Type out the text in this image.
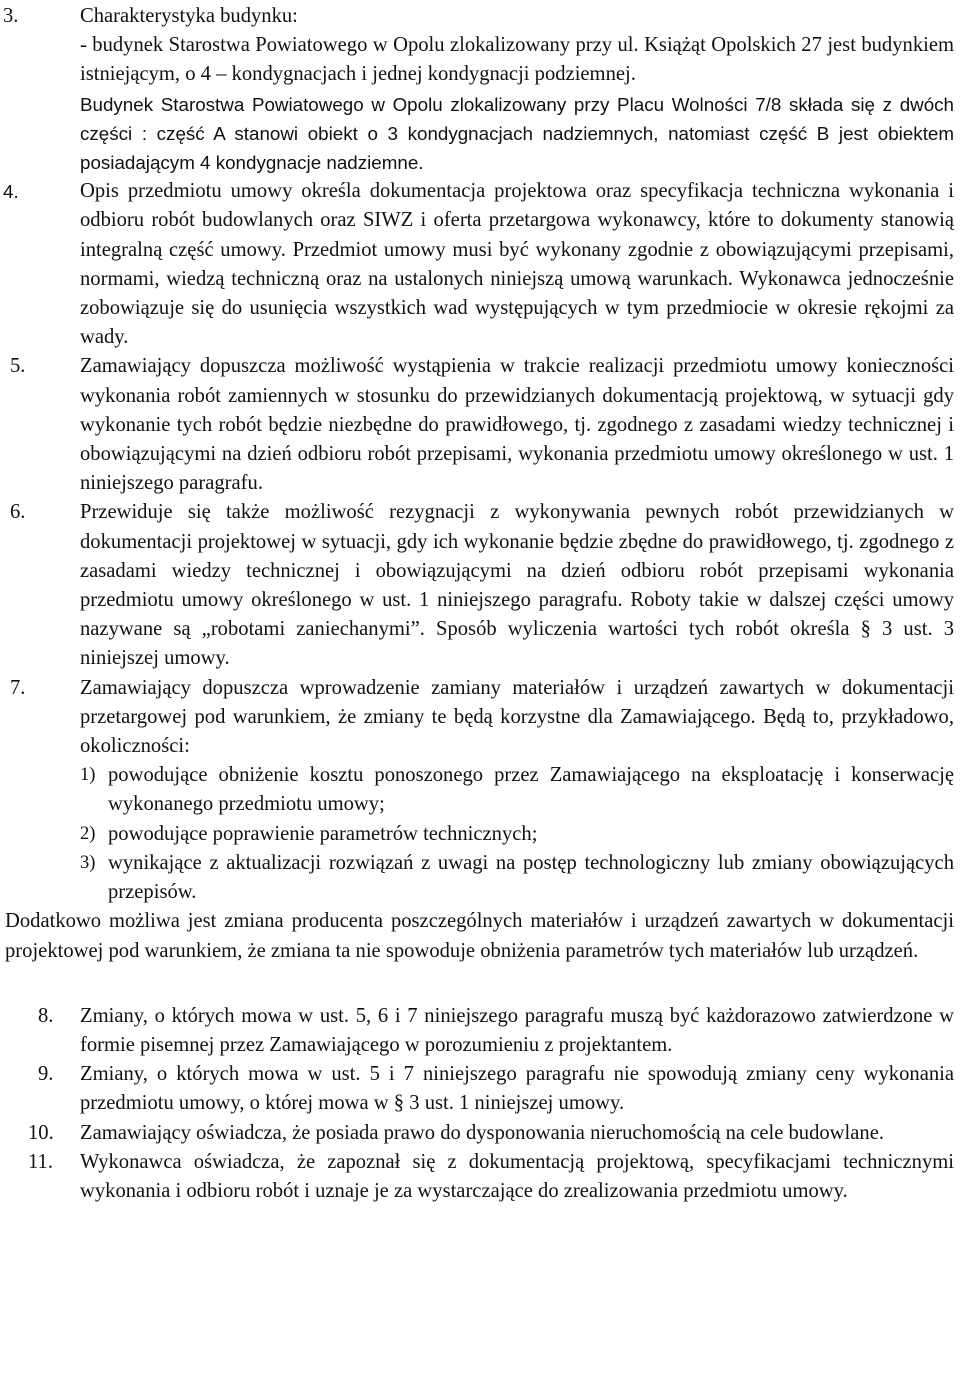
3.	Charakterystyka budynku:
- budynek Starostwa Powiatowego w Opolu zlokalizowany przy ul. Książąt Opolskich 27 jest budynkiem istniejącym, o 4 – kondygnacjach i jednej kondygnacji podziemnej.
Budynek Starostwa Powiatowego w Opolu zlokalizowany przy Placu Wolności 7/8 składa się z dwóch części : część A stanowi obiekt o 3 kondygnacjach nadziemnych, natomiast część B jest obiektem posiadającym 4 kondygnacje nadziemne.
4.	Opis przedmiotu umowy określa dokumentacja projektowa oraz specyfikacja techniczna wykonania i odbioru robót budowlanych oraz SIWZ i oferta przetargowa wykonawcy, które to dokumenty stanowią integralną część umowy. Przedmiot umowy musi być wykonany zgodnie z obowiązującymi przepisami, normami, wiedzą techniczną oraz na ustalonych niniejszą umową warunkach. Wykonawca jednocześnie zobowiązuje się do usunięcia wszystkich wad występujących w tym przedmiocie w okresie rękojmi za wady.
5.	Zamawiający dopuszcza możliwość wystąpienia w trakcie realizacji przedmiotu umowy konieczności wykonania robót zamiennych w stosunku do przewidzianych dokumentacją projektową, w sytuacji gdy wykonanie tych robót będzie niezbędne do prawidłowego, tj. zgodnego z zasadami wiedzy technicznej i obowiązującymi na dzień odbioru robót przepisami, wykonania przedmiotu umowy określonego w ust. 1 niniejszego paragrafu.
6.	Przewiduje się także możliwość rezygnacji z wykonywania pewnych robót przewidzianych w dokumentacji projektowej w sytuacji, gdy ich wykonanie będzie zbędne do prawidłowego, tj. zgodnego z zasadami wiedzy technicznej i obowiązującymi na dzień odbioru robót przepisami wykonania przedmiotu umowy określonego w ust. 1 niniejszego paragrafu. Roboty takie w dalszej części umowy nazywane są „robotami zaniechanymi”. Sposób wyliczenia wartości tych robót określa § 3 ust. 3 niniejszej umowy.
7.	Zamawiający dopuszcza wprowadzenie zamiany materiałów i urządzeń zawartych w dokumentacji przetargowej pod warunkiem, że zmiany te będą korzystne dla Zamawiającego. Będą to, przykładowo, okoliczności:
1) powodujące obniżenie kosztu ponoszonego przez Zamawiającego na eksploatację i konserwację wykonanego przedmiotu umowy;
2) powodujące poprawienie parametrów technicznych;
3) wynikające z aktualizacji rozwiązań z uwagi na postęp technologiczny lub zmiany obowiązujących przepisów.
Dodatkowo możliwa jest zmiana producenta poszczególnych materiałów i urządzeń zawartych w dokumentacji projektowej pod warunkiem, że zmiana ta nie spowoduje obniżenia parametrów tych materiałów lub urządzeń.
8. Zmiany, o których mowa w ust. 5, 6 i 7 niniejszego paragrafu muszą być każdorazowo zatwierdzone w formie pisemnej przez Zamawiającego w porozumieniu z projektantem.
9. Zmiany, o których mowa w ust. 5 i 7 niniejszego paragrafu nie spowodują zmiany ceny wykonania przedmiotu umowy, o której mowa w § 3 ust. 1 niniejszej umowy.
10. Zamawiający oświadcza, że posiada prawo do dysponowania nieruchomością na cele budowlane.
11. Wykonawca oświadcza, że zapoznał się z dokumentacją projektową, specyfikacjami technicznymi wykonania i odbioru robót i uznaje je za wystarczające do zrealizowania przedmiotu umowy.
